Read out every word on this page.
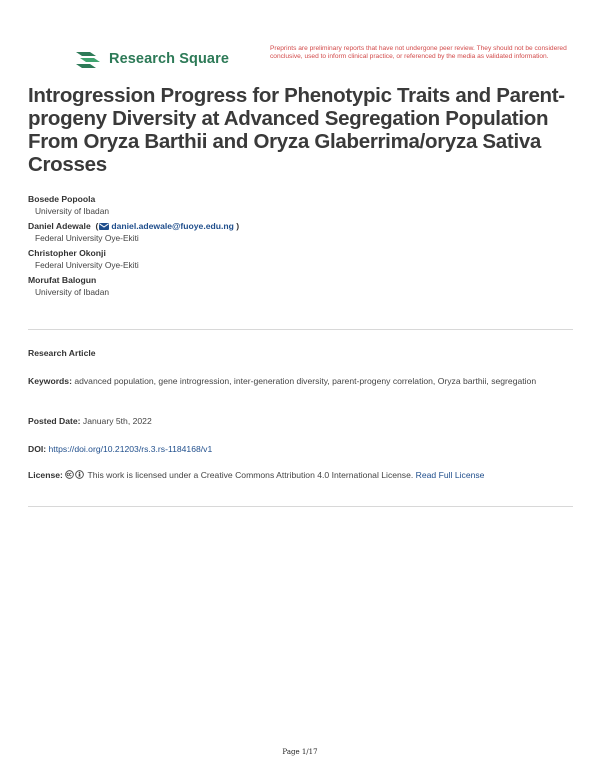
Research Square
Preprints are preliminary reports that have not undergone peer review. They should not be considered conclusive, used to inform clinical practice, or referenced by the media as validated information.
Introgression Progress for Phenotypic Traits and Parent-progeny Diversity at Advanced Segregation Population From Oryza Barthii and Oryza Glaberrima/oryza Sativa Crosses
Bosede Popoola
University of Ibadan
Daniel Adewale  ( daniel.adewale@fuoye.edu.ng )
Federal University Oye-Ekiti
Christopher Okonji
Federal University Oye-Ekiti
Morufat Balogun
University of Ibadan
Research Article
Keywords: advanced population, gene introgression, inter-generation diversity, parent-progeny correlation, Oryza barthii, segregation
Posted Date: January 5th, 2022
DOI: https://doi.org/10.21203/rs.3.rs-1184168/v1
License:	This work is licensed under a Creative Commons Attribution 4.0 International License. Read Full License
Page 1/17
